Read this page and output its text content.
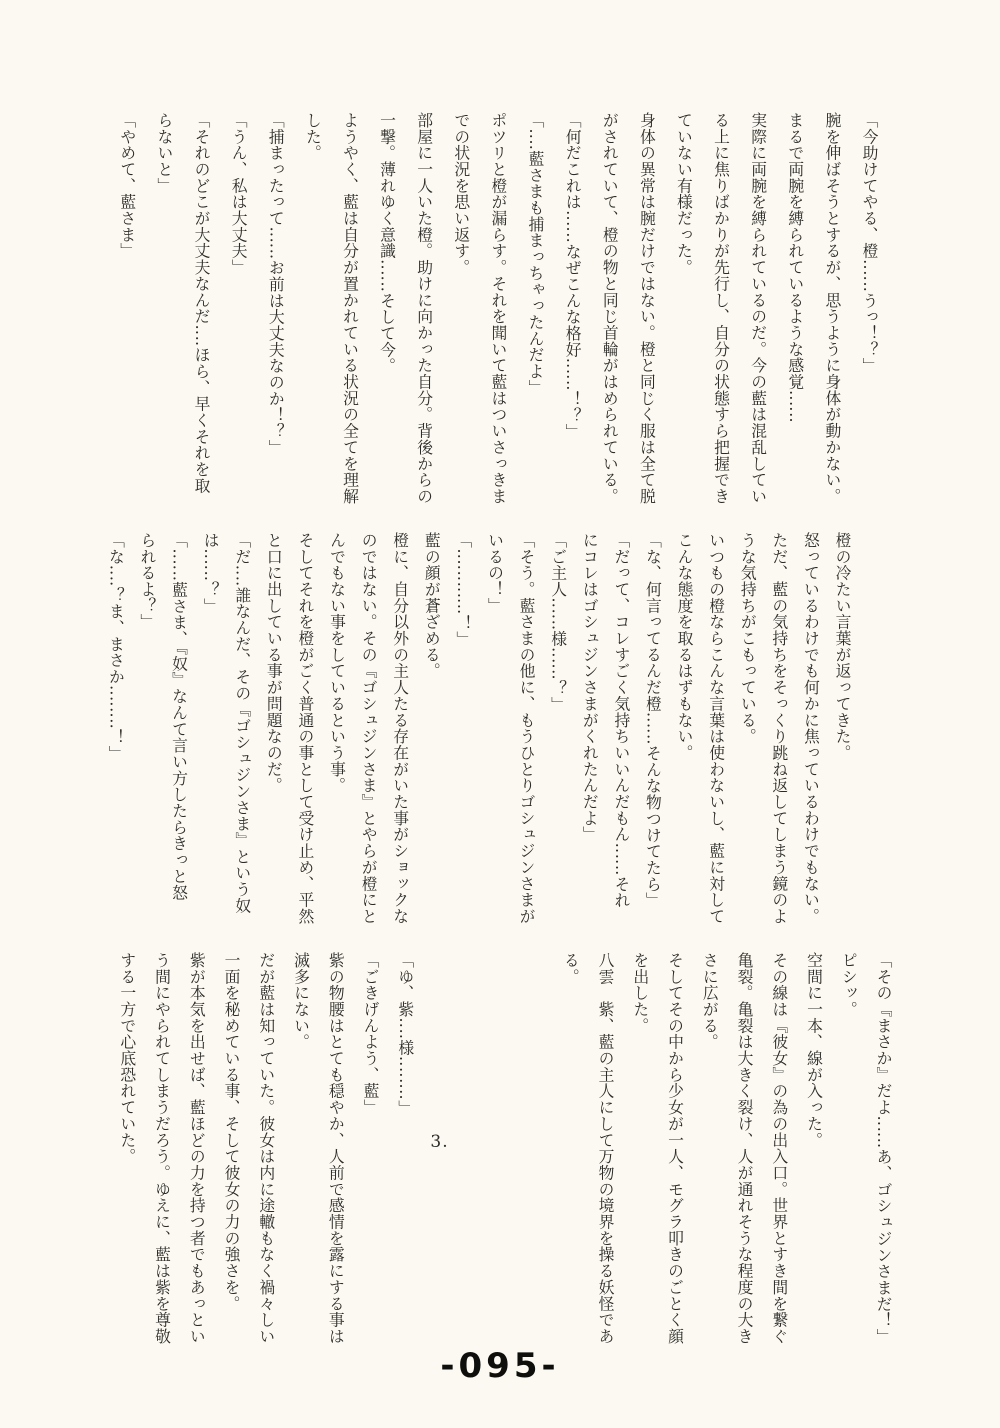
「今助けてやる、橙‥‥‥うっ！？」
腕を伸ばそうとするが、思うように身体が動かない。
まるで両腕を縛られているような感覚‥‥‥
実際に両腕を縛られているのだ。今の藍は混乱してい
る上に焦りばかりが先行し、自分の状態すら把握でき
ていない有様だった。
身体の異常は腕だけではない。橙と同じく服は全て脱
がされていて、橙の物と同じ首輪がはめられている。
「何だこれは‥‥‥なぜこんな格好‥‥‥！？」
「‥‥藍さまも捕まっちゃったんだよ」
ポツリと橙が漏らす。それを聞いて藍はついさっきま
での状況を思い返す。
部屋に一人いた橙。助けに向かった自分。背後からの
一撃。薄れゆく意識‥‥‥そして今。
ようやく、藍は自分が置かれている状況の全てを理解
した。
「捕まったって‥‥‥お前は大丈夫なのか！？」
「うん、私は大丈夫」
「それのどこが大丈夫なんだ‥‥ほら、早くそれを取
らないと」
「やめて、藍さま」
橙の冷たい言葉が返ってきた。
怒っているわけでも何かに焦っているわけでもない。
ただ、藍の気持ちをそっくり跳ね返してしまう鏡のよ
うな気持ちがこもっている。
いつもの橙ならこんな言葉は使わないし、藍に対して
こんな態度を取るはずもない。
「な、何言ってるんだ橙‥‥‥そんな物つけてたら」
「だって、コレすごく気持ちいいんだもん‥‥‥それ
にコレはゴシュジンさまがくれたんだよ」
「ご主人‥‥‥様‥‥‥？」
「そう。藍さまの他に、もうひとりゴシュジンさまが
いるの！」
「‥‥‥‥‥‥！」
藍の顔が蒼ざめる。
橙に、自分以外の主人たる存在がいた事がショックな
のではない。その『ゴシュジンさま』とやらが橙にと
んでもない事をしているという事。
そしてそれを橙がごく普通の事として受け止め、平然
と口に出している事が問題なのだ。
「だ‥‥誰なんだ、その『ゴシュジンさま』という奴
は‥‥‥？」
「‥‥‥藍さま、『奴』なんて言い方したらきっと怒
られるよ？」
「な‥‥？ま、まさか‥‥‥‥！」
「その『まさか』だよ‥‥‥あ、ゴシュジンさまだ！」
ピシッ。
空間に一本、線が入った。
その線は『彼女』の為の出入口。世界とすき間を繋ぐ
亀裂。亀裂は大きく裂け、人が通れそうな程度の大き
さに広がる。
そしてその中から少女が一人、モグラ叩きのごとく顔
を出した。
八雲　紫、藍の主人にして万物の境界を操る妖怪であ
る。
3.
「ゆ、紫‥‥様‥‥‥‥」
「ごきげんよう、藍」
紫の物腰はとても穏やか、人前で感情を露にする事は
滅多にない。
だが藍は知っていた。彼女は内に途轍もなく禍々しい
一面を秘めている事、そして彼女の力の強さを。
紫が本気を出せば、藍ほどの力を持つ者でもあっとい
う間にやられてしまうだろう。ゆえに、藍は紫を尊敬
する一方で心底恐れていた。
-095-
